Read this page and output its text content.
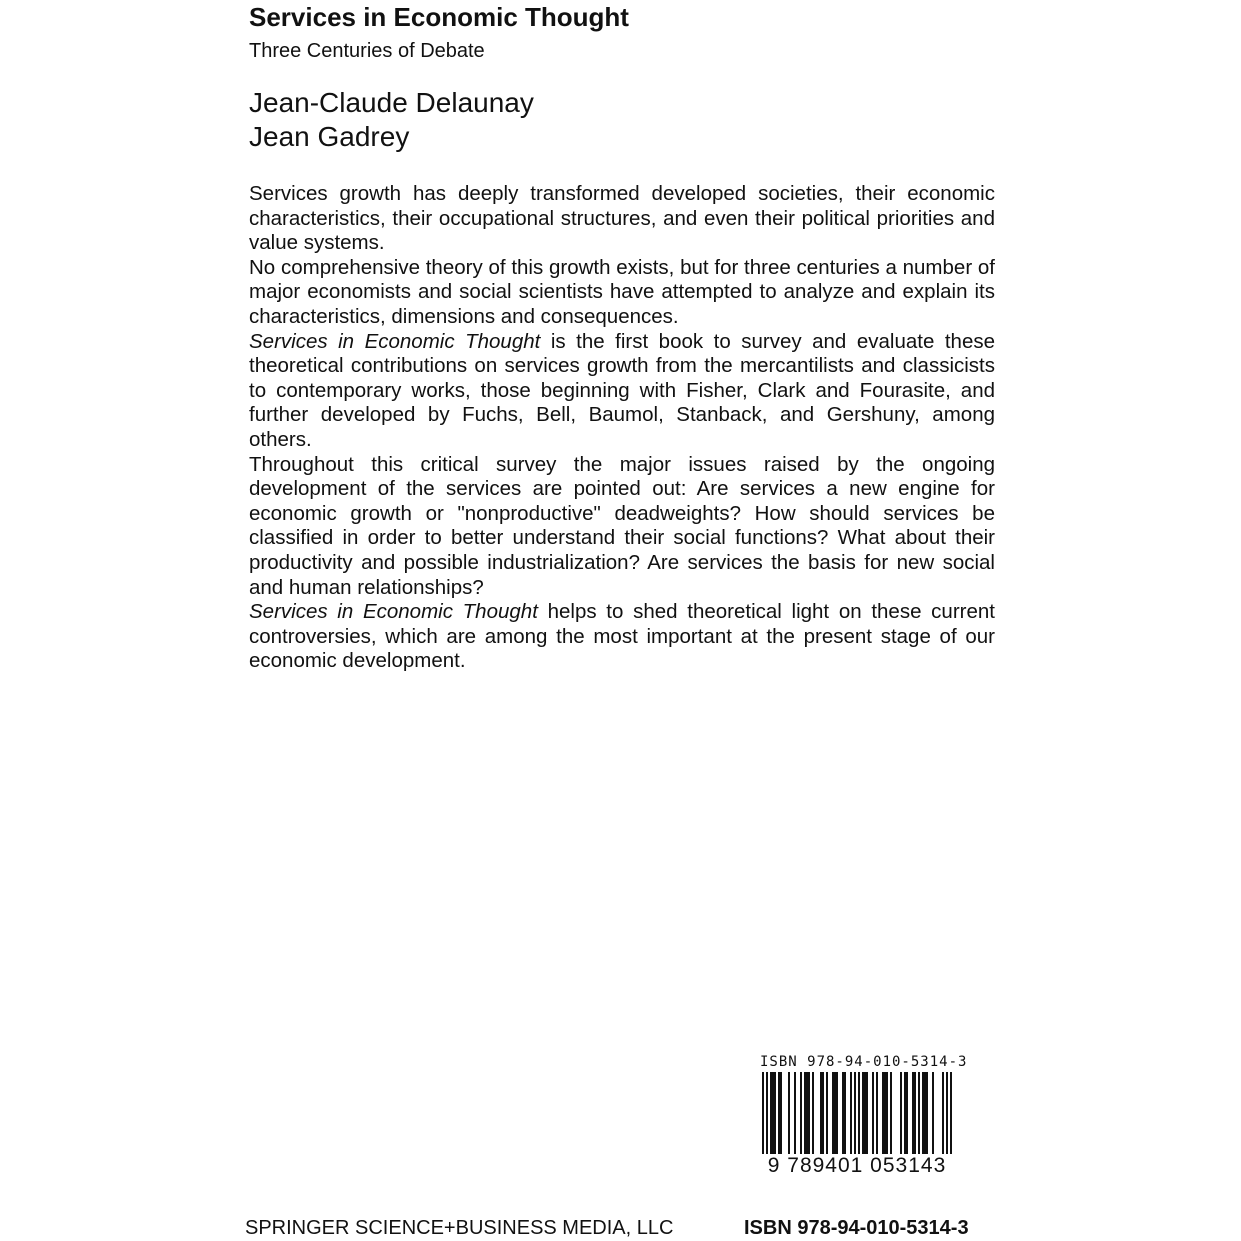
Services in Economic Thought
Three Centuries of Debate
Jean-Claude Delaunay
Jean Gadrey

Services growth has deeply transformed developed societies, their economic characteristics, their occupational structures, and even their political priorities and value systems.

No comprehensive theory of this growth exists, but for three centuries a number of major economists and social scientists have attempted to analyze and explain its characteristics, dimensions and consequences.

Services in Economic Thought is the first book to survey and evaluate these theoretical contributions on services growth from the mercantilists and classicists to contemporary works, those beginning with Fisher, Clark and Fourasite, and further developed by Fuchs, Bell, Baumol, Stanback, and Gershuny, among others.

Throughout this critical survey the major issues raised by the ongoing development of the services are pointed out: Are services a new engine for economic growth or "nonproductive" deadweights? How should services be classified in order to better understand their social functions? What about their productivity and possible industrialization? Are services the basis for new social and human relationships?

Services in Economic Thought helps to shed theoretical light on these current controversies, which are among the most important at the present stage of our economic development.

ISBN 978-94-010-5314-3
9 789401 053143
SPRINGER SCIENCE+BUSINESS MEDIA, LLC	ISBN 978-94-010-5314-3
